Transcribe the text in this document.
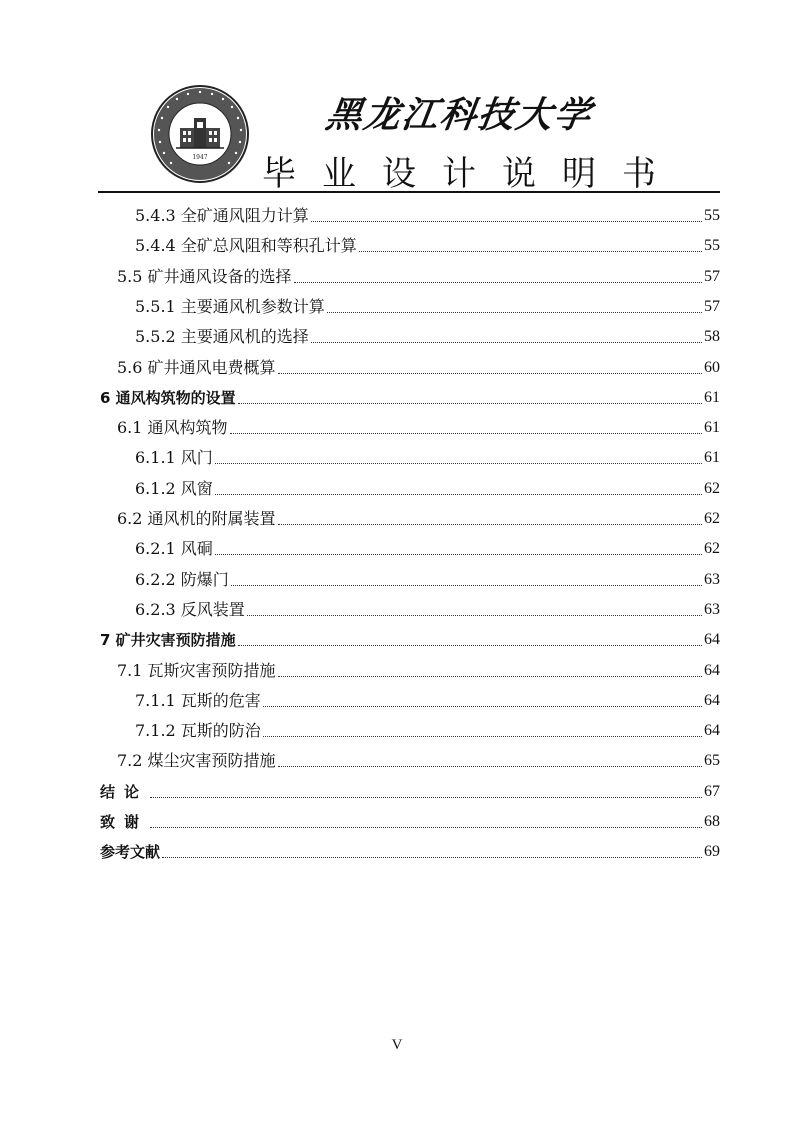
1947
黑龙江科技大学
毕业设计说明书
5.4.3 全矿通风阻力计算	55
5.4.4 全矿总风阻和等积孔计算	55
5.5 矿井通风设备的选择	57
5.5.1 主要通风机参数计算	57
5.5.2 主要通风机的选择	58
5.6 矿井通风电费概算	60
6 通风构筑物的设置	61
6.1 通风构筑物	61
6.1.1 风门	61
6.1.2 风窗	62
6.2 通风机的附属装置	62
6.2.1 风硐	62
6.2.2 防爆门	63
6.2.3 反风装置	63
7 矿井灾害预防措施	64
7.1 瓦斯灾害预防措施	64
7.1.1 瓦斯的危害	64
7.1.2 瓦斯的防治	64
7.2 煤尘灾害预防措施	65
结论	67
致谢	68
参考文献	69
V
